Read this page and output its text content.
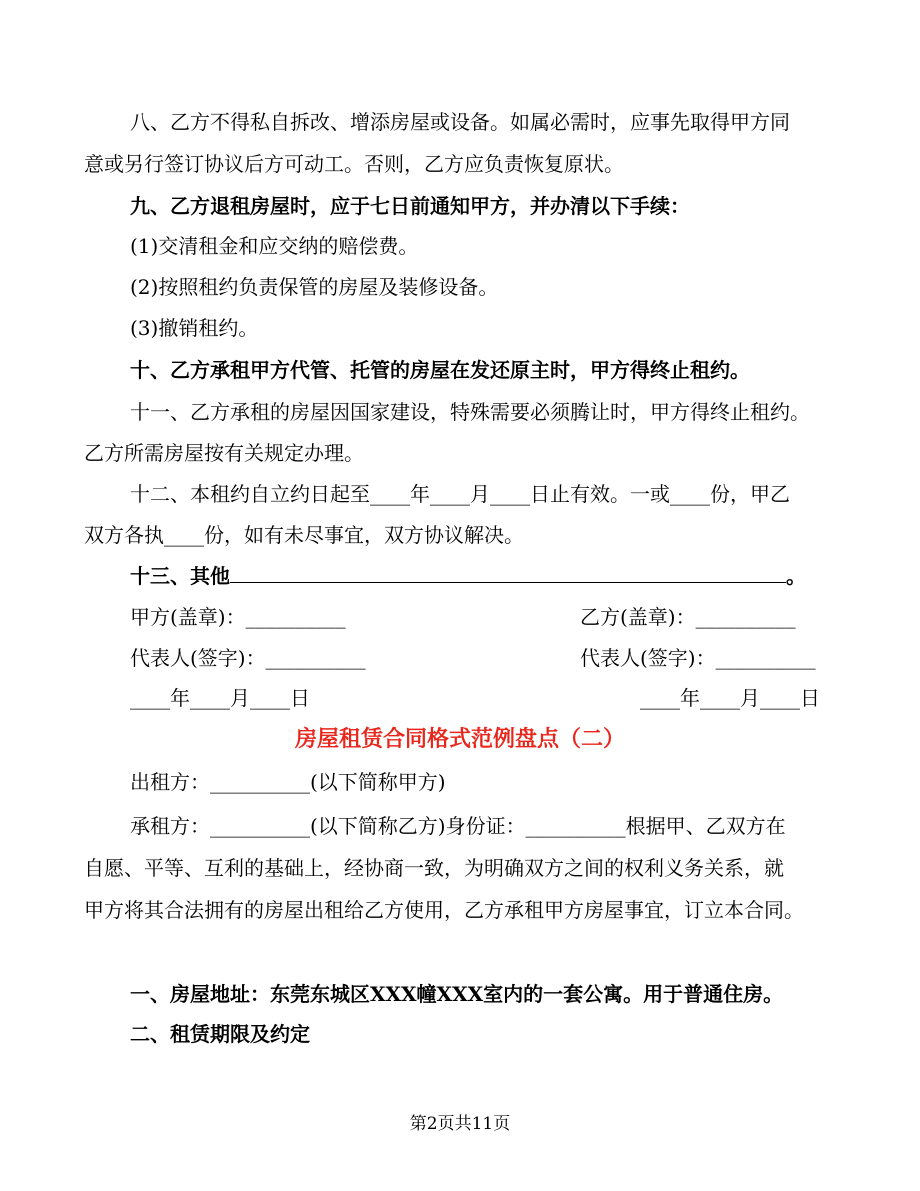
八、乙方不得私自拆改、增添房屋或设备。如属必需时，应事先取得甲方同
意或另行签订协议后方可动工。否则，乙方应负责恢复原状。
九、乙方退租房屋时，应于七日前通知甲方，并办清以下手续：
(1)交清租金和应交纳的赔偿费。
(2)按照租约负责保管的房屋及装修设备。
(3)撤销租约。
十、乙方承租甲方代管、托管的房屋在发还原主时，甲方得终止租约。
十一、乙方承租的房屋因国家建设，特殊需要必须腾让时，甲方得终止租约。
乙方所需房屋按有关规定办理。
十二、本租约自立约日起至____年____月____日止有效。一或____份，甲乙
双方各执____份，如有未尽事宜，双方协议解决。
十三、其他	。
甲方(盖章)：__________	乙方(盖章)：__________
代表人(签字)：__________	代表人(签字)：__________
____年____月____日	____年____月____日
房屋租赁合同格式范例盘点（二）
出租方：__________(以下简称甲方)
承租方：__________(以下简称乙方)身份证：__________根据甲、乙双方在
自愿、平等、互利的基础上，经协商一致，为明确双方之间的权利义务关系，就
甲方将其合法拥有的房屋出租给乙方使用，乙方承租甲方房屋事宜，订立本合同。
一、房屋地址：东莞东城区XXX幢XXX室内的一套公寓。用于普通住房。
二、租赁期限及约定
第2页共11页
